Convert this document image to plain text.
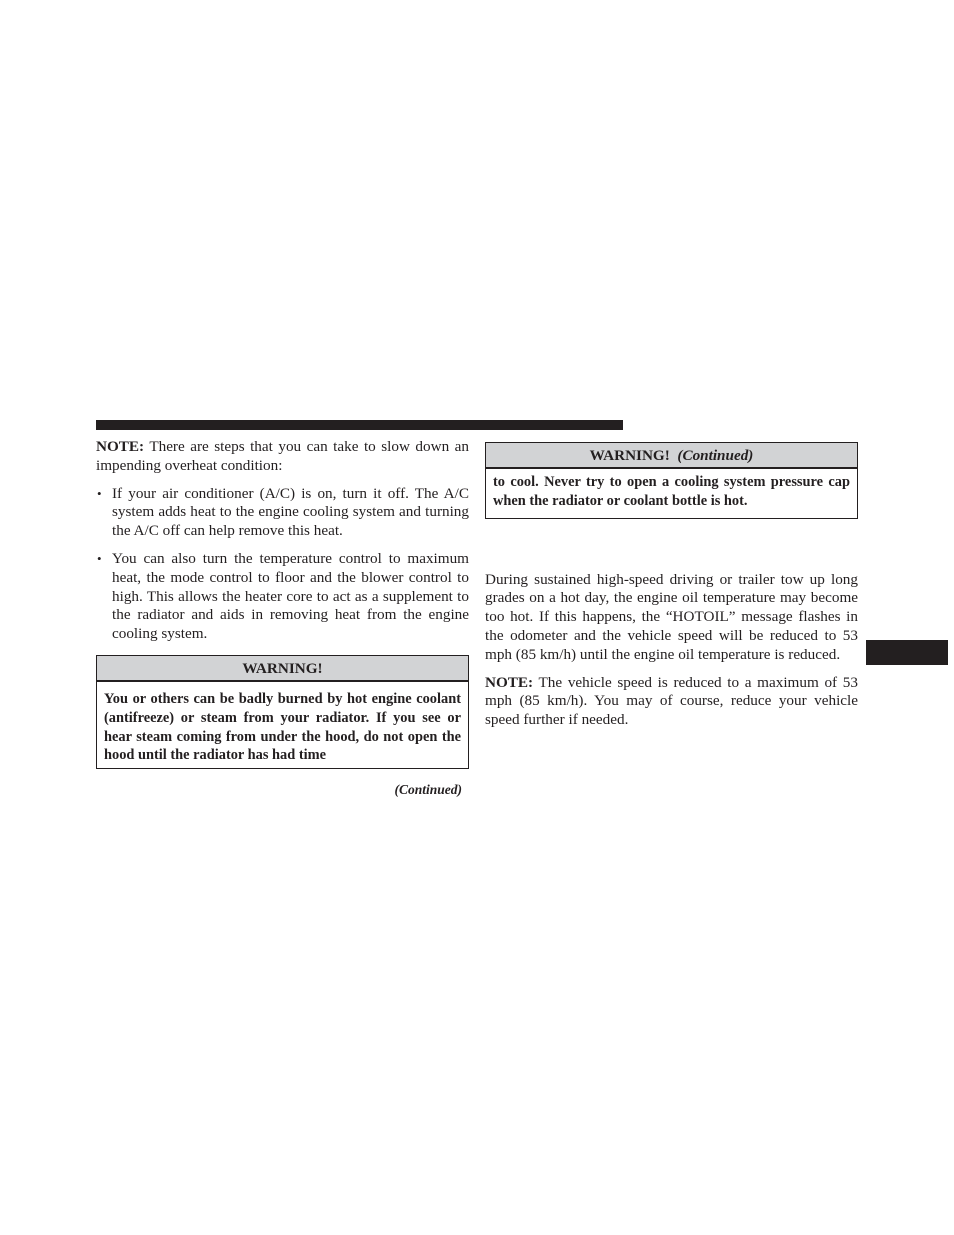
NOTE: There are steps that you can take to slow down an impending overheat condition:

• If your air conditioner (A/C) is on, turn it off. The A/C system adds heat to the engine cooling system and turning the A/C off can help remove this heat.
• You can also turn the temperature control to maximum heat, the mode control to floor and the blower control to high. This allows the heater core to act as a supplement to the radiator and aids in removing heat from the engine cooling system.
WARNING!
You or others can be badly burned by hot engine coolant (antifreeze) or steam from your radiator. If you see or hear steam coming from under the hood, do not open the hood until the radiator has had time
(Continued)
WARNING! (Continued)
to cool. Never try to open a cooling system pressure cap when the radiator or coolant bottle is hot.

During sustained high-speed driving or trailer tow up long grades on a hot day, the engine oil temperature may become too hot. If this happens, the “HOTOIL” message flashes in the odometer and the vehicle speed will be reduced to 53 mph (85 km/h) until the engine oil temperature is reduced.

NOTE: The vehicle speed is reduced to a maximum of 53 mph (85 km/h). You may of course, reduce your vehicle speed further if needed.
